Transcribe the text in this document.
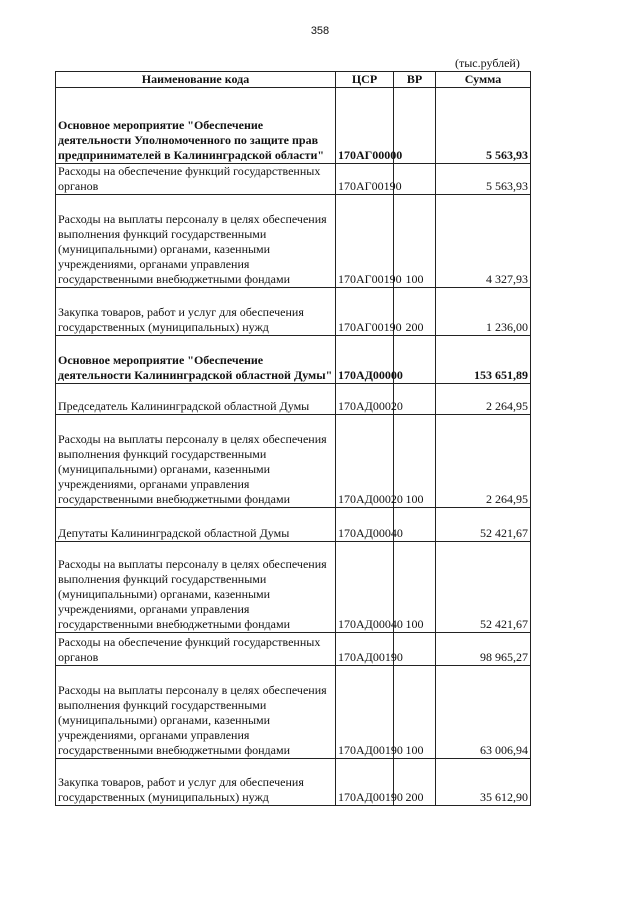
358
(тыс.рублей)
Наименование кода	ЦСР	ВР	Сумма
Основное мероприятие "Обеспечение деятельности Уполномоченного по защите прав предпринимателей в Калининградской области"	170АГ00000		5 563,93
Расходы на обеспечение функций государственных органов	170АГ00190		5 563,93
Расходы на выплаты персоналу в целях обеспечения выполнения функций государственными (муниципальными) органами, казенными учреждениями, органами управления государственными внебюджетными фондами	170АГ00190	100	4 327,93
Закупка товаров, работ и услуг для обеспечения государственных (муниципальных) нужд	170АГ00190	200	1 236,00
Основное мероприятие "Обеспечение деятельности Калининградской областной Думы"	170АД00000		153 651,89
Председатель Калининградской областной Думы	170АД00020		2 264,95
Расходы на выплаты персоналу в целях обеспечения выполнения функций государственными (муниципальными) органами, казенными учреждениями, органами управления государственными внебюджетными фондами	170АД00020	100	2 264,95
Депутаты Калининградской областной Думы	170АД00040		52 421,67
Расходы на выплаты персоналу в целях обеспечения выполнения функций государственными (муниципальными) органами, казенными учреждениями, органами управления государственными внебюджетными фондами	170АД00040	100	52 421,67
Расходы на обеспечение функций государственных органов	170АД00190		98 965,27
Расходы на выплаты персоналу в целях обеспечения выполнения функций государственными (муниципальными) органами, казенными учреждениями, органами управления государственными внебюджетными фондами	170АД00190	100	63 006,94
Закупка товаров, работ и услуг для обеспечения государственных (муниципальных) нужд	170АД00190	200	35 612,90
